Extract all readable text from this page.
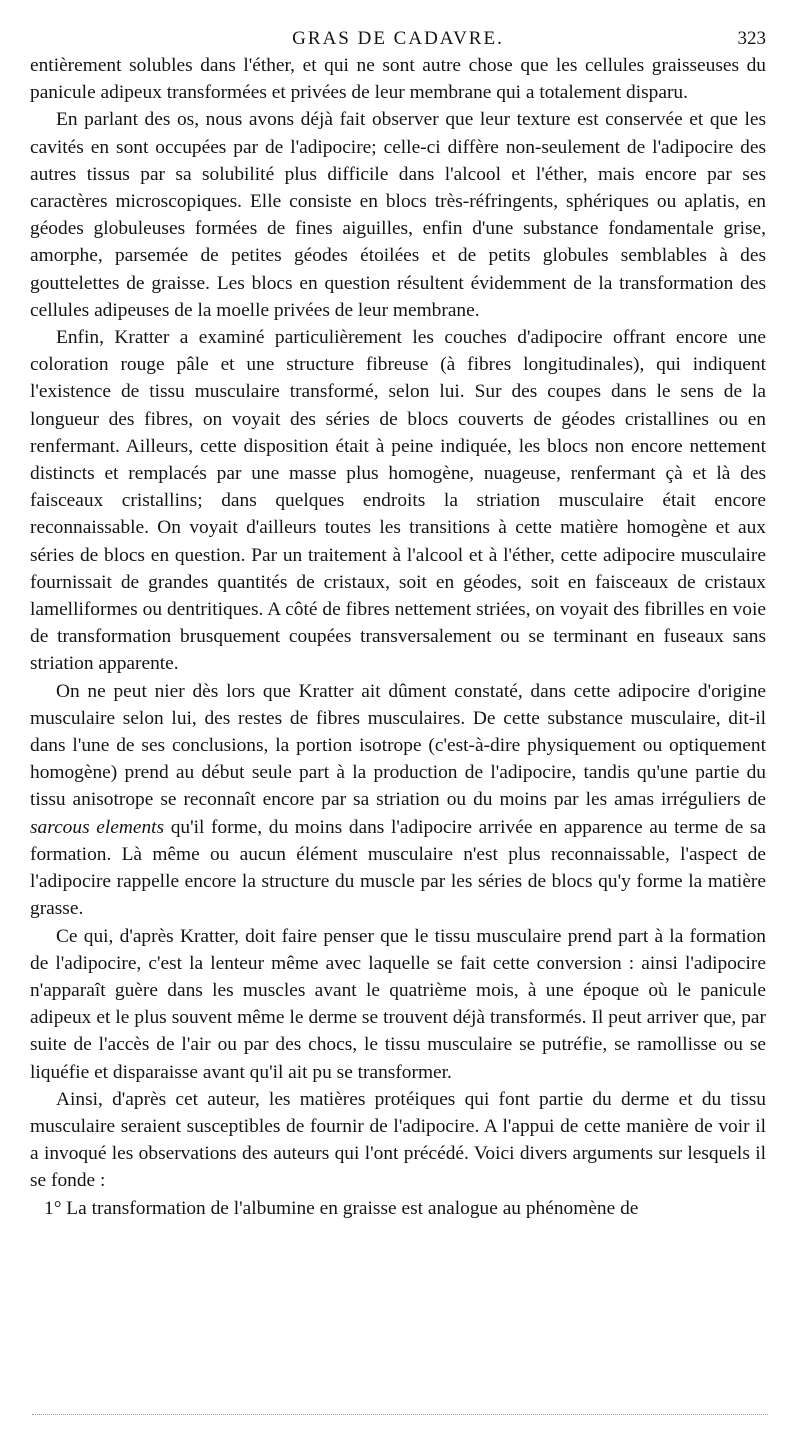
GRAS DE CADAVRE.	323

entièrement solubles dans l'éther, et qui ne sont autre chose que les cellules graisseuses du panicule adipeux transformées et privées de leur membrane qui a totalement disparu.

En parlant des os, nous avons déjà fait observer que leur texture est conservée et que les cavités en sont occupées par de l'adipocire; celle-ci diffère non-seulement de l'adipocire des autres tissus par sa solubilité plus difficile dans l'alcool et l'éther, mais encore par ses caractères microscopiques. Elle consiste en blocs très-réfringents, sphériques ou aplatis, en géodes globuleuses formées de fines aiguilles, enfin d'une substance fondamentale grise, amorphe, parsemée de petites géodes étoilées et de petits globules semblables à des gouttelettes de graisse. Les blocs en question résultent évidemment de la transformation des cellules adipeuses de la moelle privées de leur membrane.

Enfin, Kratter a examiné particulièrement les couches d'adipocire offrant encore une coloration rouge pâle et une structure fibreuse (à fibres longitudinales), qui indiquent l'existence de tissu musculaire transformé, selon lui. Sur des coupes dans le sens de la longueur des fibres, on voyait des séries de blocs couverts de géodes cristallines ou en renfermant. Ailleurs, cette disposition était à peine indiquée, les blocs non encore nettement distincts et remplacés par une masse plus homogène, nuageuse, renfermant çà et là des faisceaux cristallins; dans quelques endroits la striation musculaire était encore reconnaissable. On voyait d'ailleurs toutes les transitions à cette matière homogène et aux séries de blocs en question. Par un traitement à l'alcool et à l'éther, cette adipocire musculaire fournissait de grandes quantités de cristaux, soit en géodes, soit en faisceaux de cristaux lamelliformes ou dentritiques. A côté de fibres nettement striées, on voyait des fibrilles en voie de transformation brusquement coupées transversalement ou se terminant en fuseaux sans striation apparente.

On ne peut nier dès lors que Kratter ait dûment constaté, dans cette adipocire d'origine musculaire selon lui, des restes de fibres musculaires. De cette substance musculaire, dit-il dans l'une de ses conclusions, la portion isotrope (c'est-à-dire physiquement ou optiquement homogène) prend au début seule part à la production de l'adipocire, tandis qu'une partie du tissu anisotrope se reconnaît encore par sa striation ou du moins par les amas irréguliers de sarcous elements qu'il forme, du moins dans l'adipocire arrivée en apparence au terme de sa formation. Là même ou aucun élément musculaire n'est plus reconnaissable, l'aspect de l'adipocire rappelle encore la structure du muscle par les séries de blocs qu'y forme la matière grasse.

Ce qui, d'après Kratter, doit faire penser que le tissu musculaire prend part à la formation de l'adipocire, c'est la lenteur même avec laquelle se fait cette conversion : ainsi l'adipocire n'apparaît guère dans les muscles avant le quatrième mois, à une époque où le panicule adipeux et le plus souvent même le derme se trouvent déjà transformés. Il peut arriver que, par suite de l'accès de l'air ou par des chocs, le tissu musculaire se putréfie, se ramollisse ou se liquéfie et disparaisse avant qu'il ait pu se transformer.

Ainsi, d'après cet auteur, les matières protéiques qui font partie du derme et du tissu musculaire seraient susceptibles de fournir de l'adipocire. A l'appui de cette manière de voir il a invoqué les observations des auteurs qui l'ont précédé. Voici divers arguments sur lesquels il se fonde :

1° La transformation de l'albumine en graisse est analogue au phénomène de
